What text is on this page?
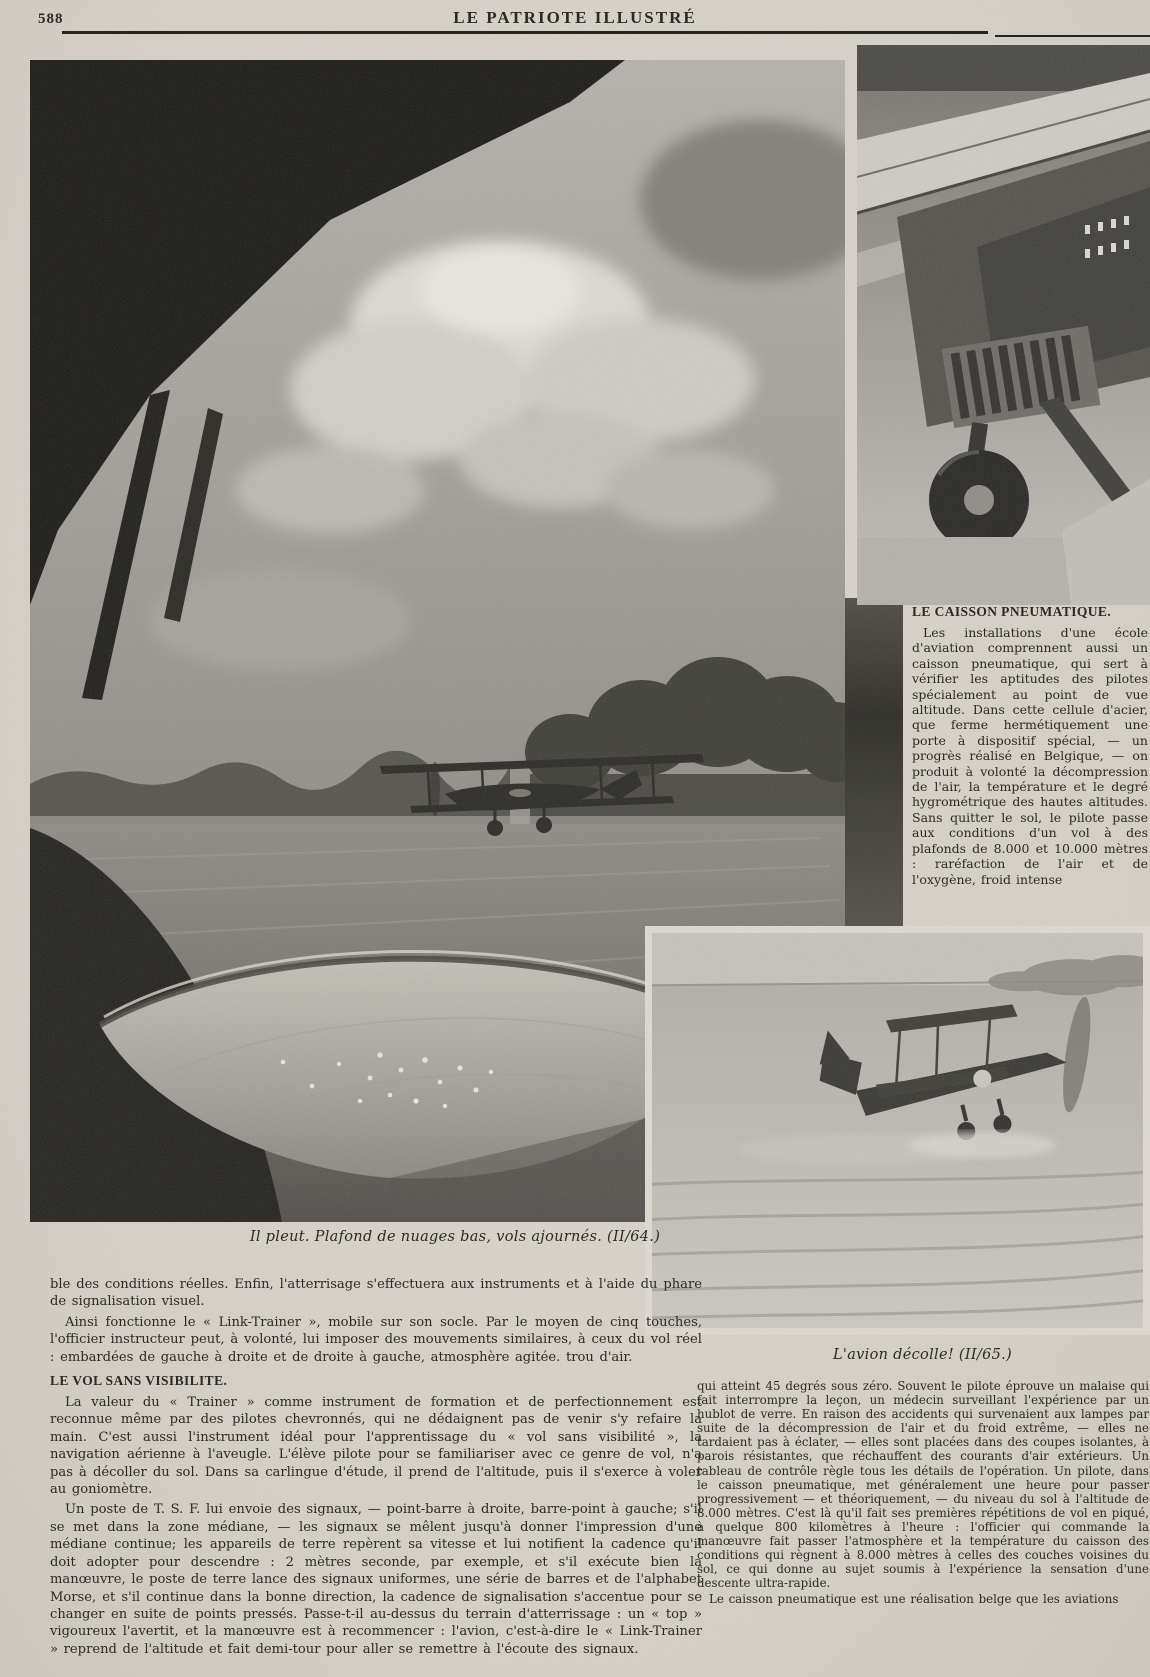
588	LE PATRIOTE ILLUSTRÉ
LE CAISSON PNEUMATIQUE.

Les installations d'une école d'aviation comprennent aussi un caisson pneumatique, qui sert à vérifier les aptitudes des pilotes spécialement au point de vue altitude. Dans cette cellule d'acier, que ferme hermétiquement une porte à dispositif spécial, — un progrès réalisé en Belgique, — on produit à volonté la décompression de l'air, la température et le degré hygrométrique des hautes altitudes. Sans quitter le sol, le pilote passe aux conditions d'un vol à des plafonds de 8.000 et 10.000 mètres : raréfaction de l'air et de l'oxygène, froid intense

Il pleut. Plafond de nuages bas, vols ajournés. (II/64.)
L'avion décolle! (II/65.)

ble des conditions réelles. Enfin, l'atterrisage s'effectuera aux instruments et à l'aide du phare de signalisation visuel.

Ainsi fonctionne le « Link-Trainer », mobile sur son socle. Par le moyen de cinq touches, l'officier instructeur peut, à volonté, lui imposer des mouvements similaires, à ceux du vol réel : embardées de gauche à droite et de droite à gauche, atmosphère agitée. trou d'air.

LE VOL SANS VISIBILITE.

La valeur du « Trainer » comme instrument de formation et de perfectionnement est reconnue même par des pilotes chevronnés, qui ne dédaignent pas de venir s'y refaire la main. C'est aussi l'instrument idéal pour l'apprentissage du « vol sans visibilité », la navigation aérienne à l'aveugle. L'élève pilote pour se familiariser avec ce genre de vol, n'a pas à décoller du sol. Dans sa carlingue d'étude, il prend de l'altitude, puis il s'exerce à voler au goniomètre.

Un poste de T. S. F. lui envoie des signaux, — point-barre à droite, barre-point à gauche; s'il se met dans la zone médiane, — les signaux se mêlent jusqu'à donner l'impression d'une médiane continue; les appareils de terre repèrent sa vitesse et lui notifient la cadence qu'il doit adopter pour descendre : 2 mètres seconde, par exemple, et s'il exécute bien la manœuvre, le poste de terre lance des signaux uniformes, une série de barres et de l'alphabet Morse, et s'il continue dans la bonne direction, la cadence de signalisation s'accentue pour se changer en suite de points pressés. Passe-t-il au-dessus du terrain d'atterrissage : un « top » vigoureux l'avertit, et la manœuvre est à recommencer : l'avion, c'est-à-dire le « Link-Trainer » reprend de l'altitude et fait demi-tour pour aller se remettre à l'écoute des signaux.

qui atteint 45 degrés sous zéro. Souvent le pilote éprouve un malaise qui fait interrompre la leçon, un médecin surveillant l'expérience par un hublot de verre. En raison des accidents qui survenaient aux lampes par suite de la décompression de l'air et du froid extrême, — elles ne tardaient pas à éclater, — elles sont placées dans des coupes isolantes, à parois résistantes, que réchauffent des courants d'air extérieurs. Un tableau de contrôle règle tous les détails de l'opération. Un pilote, dans le caisson pneumatique, met généralement une heure pour passer progressivement — et théoriquement, — du niveau du sol à l'altitude de 8.000 mètres. C'est là qu'il fait ses premières répétitions de vol en piqué, à quelque 800 kilomètres à l'heure : l'officier qui commande la manœuvre fait passer l'atmosphère et la température du caisson des conditions qui règnent à 8.000 mètres à celles des couches voisines du sol, ce qui donne au sujet soumis à l'expérience la sensation d'une descente ultra-rapide.

Le caisson pneumatique est une réalisation belge que les aviations
